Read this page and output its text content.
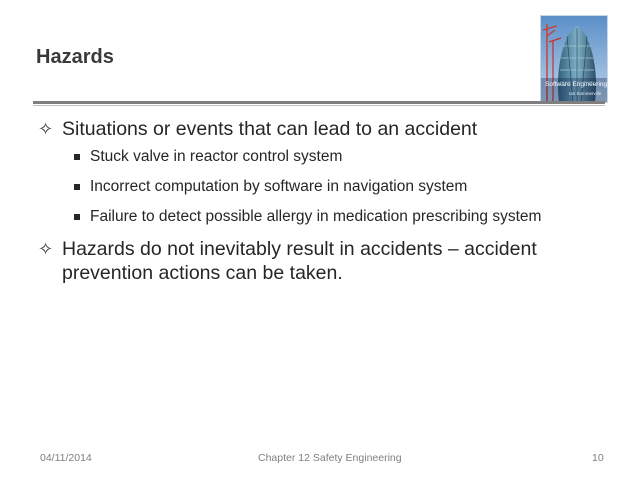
Hazards
Software Engineering
Ian Sommerville
✧ Situations or events that can lead to an accident
Stuck valve in reactor control system
Incorrect computation by software in navigation system
Failure to detect possible allergy in medication prescribing system
✧ Hazards do not inevitably result in accidents – accident prevention actions can be taken.
04/11/2014	Chapter 12 Safety Engineering	10
